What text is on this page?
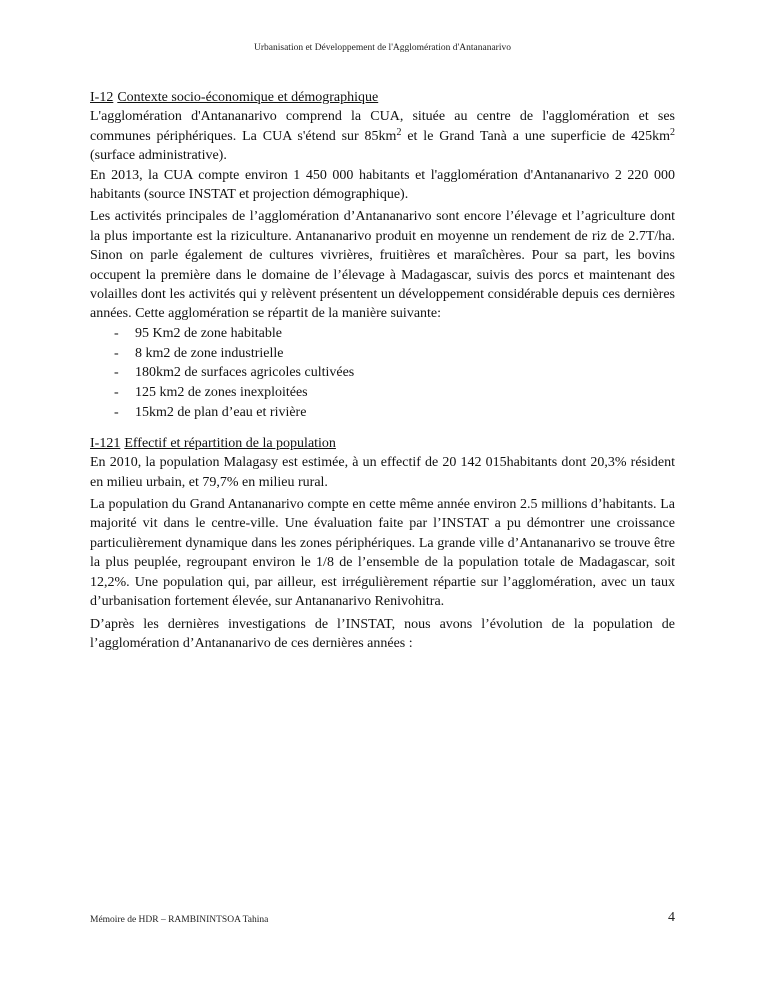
Urbanisation et Développement de l'Agglomération d'Antananarivo
I-12 Contexte socio-économique et démographique

L'agglomération d'Antananarivo comprend la CUA, située au centre de l'agglomération et ses communes périphériques. La CUA s'étend sur $85km^2$ et le Grand Tanà a une superficie de $425km^2$ (surface administrative).

En 2013, la CUA compte environ 1 450 000 habitants et l'agglomération d'Antananarivo 2 220 000 habitants (source INSTAT et projection démographique).

Les activités principales de l’agglomération d’Antananarivo sont encore l’élevage et l’agriculture dont la plus importante est la riziculture. Antananarivo produit en moyenne un rendement de riz de 2.7T/ha. Sinon on parle également de cultures vivrières, fruitières et maraîchères. Pour sa part, les bovins occupent la première dans le domaine de l’élevage à Madagascar, suivis des porcs et maintenant des volailles dont les activités qui y relèvent présentent un développement considérable depuis ces dernières années. Cette agglomération se répartit de la manière suivante:

- 95 Km2 de zone habitable
- 8 km2 de zone industrielle
- 180km2 de surfaces agricoles cultivées
- 125 km2 de zones inexploitées
- 15km2 de plan d’eau et rivière
I-121 Effectif et répartition de la population

En 2010, la population Malagasy est estimée, à un effectif de 20 142 015habitants dont 20,3% résident en milieu urbain, et 79,7% en milieu rural.

La population du Grand Antananarivo compte en cette même année environ 2.5 millions d’habitants. La majorité vit dans le centre-ville. Une évaluation faite par l’INSTAT a pu démontrer une croissance particulièrement dynamique dans les zones périphériques. La grande ville d’Antananarivo se trouve être la plus peuplée, regroupant environ le 1/8 de l’ensemble de la population totale de Madagascar, soit 12,2%. Une population qui, par ailleur, est irrégulièrement répartie sur l’agglomération, avec un taux d’urbanisation fortement élevée, sur Antananarivo Renivohitra.

D’après les dernières investigations de l’INSTAT, nous avons l’évolution de la population de l’agglomération d’Antananarivo de ces dernières années :

Mémoire de HDR – RAMBININTSOA Tahina	4
